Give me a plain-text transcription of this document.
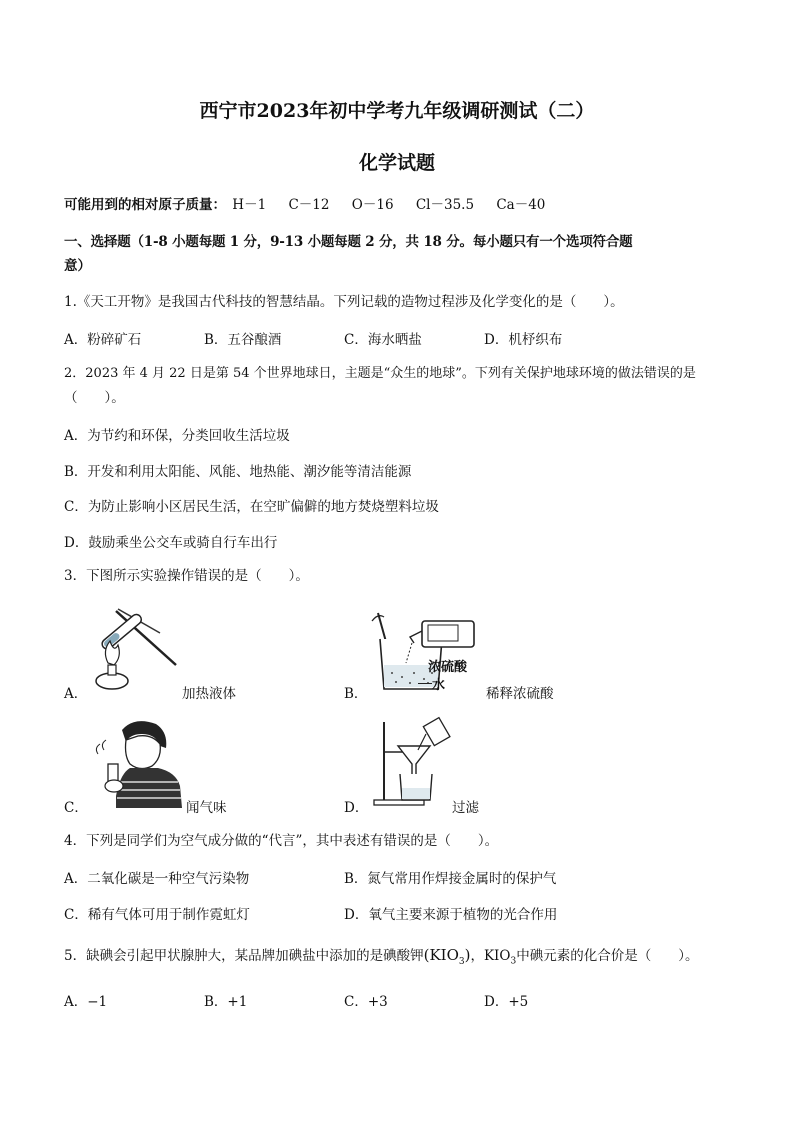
西宁市2023年初中学考九年级调研测试（二）
化学试题
可能用到的相对原子质量： H－1 C－12 O－16 Cl－35.5 Ca－40
一、选择题（1-8 小题每题 1 分，9-13 小题每题 2 分，共 18 分。每小题只有一个选项符合题
意）
1.《天工开物》是我国古代科技的智慧结晶。下列记载的造物过程涉及化学变化的是（　　）。
A．粉碎矿石	B．五谷酿酒	C．海水晒盐	D．机杼织布
2．2023 年 4 月 22 日是第 54 个世界地球日，主题是“众生的地球”。下列有关保护地球环境的做法错误的是
（　　）。
A．为节约和环保，分类回收生活垃圾
B．开发和利用太阳能、风能、地热能、潮汐能等清洁能源
C．为防止影响小区居民生活，在空旷偏僻的地方焚烧塑料垃圾
D．鼓励乘坐公交车或骑自行车出行
3．下图所示实验操作错误的是（　　）。
A．	加热液体
浓硫酸
水
B．	稀释浓硫酸
C．	闻气味	D．	过滤
4．下列是同学们为空气成分做的“代言”，其中表述有错误的是（　　）。
A．二氧化碳是一种空气污染物	B．氮气常用作焊接金属时的保护气
C．稀有气体可用于制作霓虹灯	D．氧气主要来源于植物的光合作用
5．缺碘会引起甲状腺肿大，某品牌加碘盐中添加的是碘酸钾$(KIO_3)$，$KIO_3$中碘元素的化合价是（　　）。
A．−1	B．+1	C．+3	D．+5
